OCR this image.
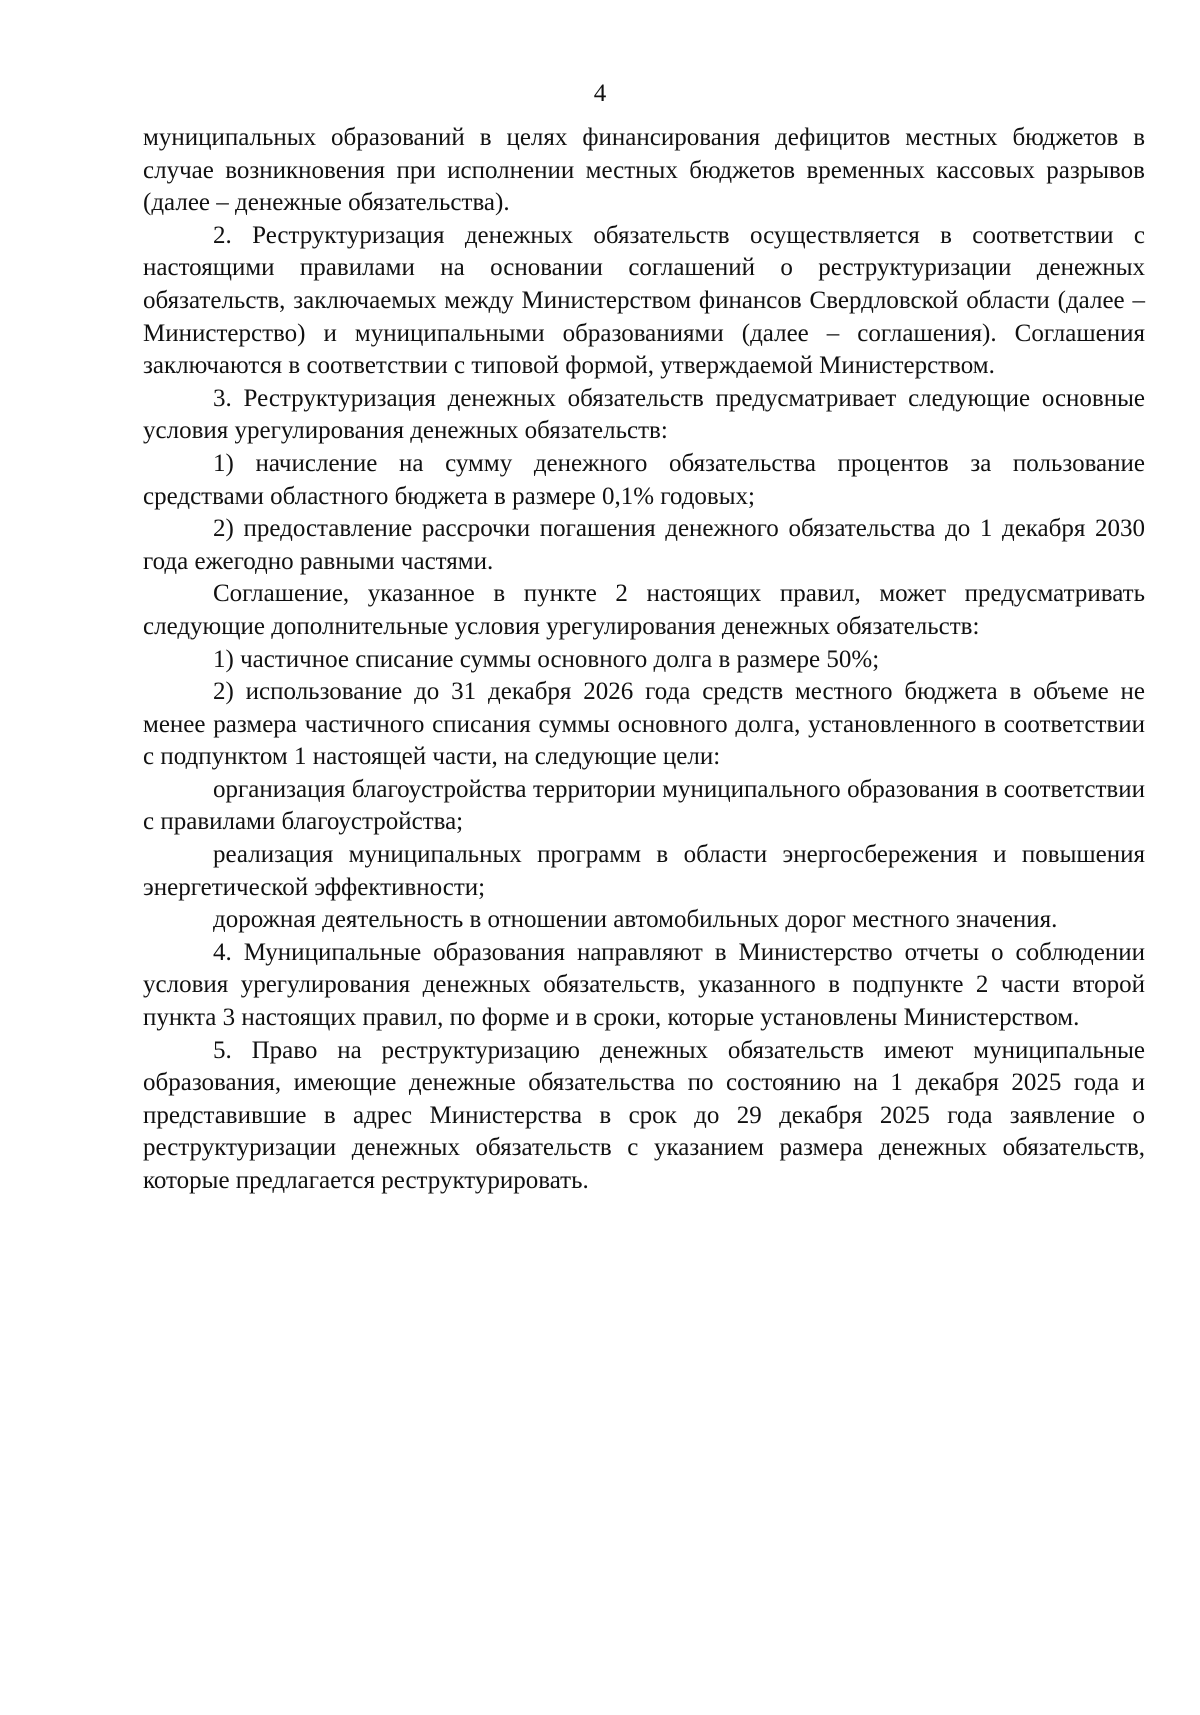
4

муниципальных образований в целях финансирования дефицитов местных бюджетов в случае возникновения при исполнении местных бюджетов временных кассовых разрывов (далее – денежные обязательства).

2. Реструктуризация денежных обязательств осуществляется в соответствии с настоящими правилами на основании соглашений о реструктуризации денежных обязательств, заключаемых между Министерством финансов Свердловской области (далее – Министерство) и муниципальными образованиями (далее – соглашения). Соглашения заключаются в соответствии с типовой формой, утверждаемой Министерством.

3. Реструктуризация денежных обязательств предусматривает следующие основные условия урегулирования денежных обязательств:

1) начисление на сумму денежного обязательства процентов за пользование средствами областного бюджета в размере 0,1% годовых;

2) предоставление рассрочки погашения денежного обязательства до 1 декабря 2030 года ежегодно равными частями.

Соглашение, указанное в пункте 2 настоящих правил, может предусматривать следующие дополнительные условия урегулирования денежных обязательств:

1) частичное списание суммы основного долга в размере 50%;

2) использование до 31 декабря 2026 года средств местного бюджета в объеме не менее размера частичного списания суммы основного долга, установленного в соответствии с подпунктом 1 настоящей части, на следующие цели:

организация благоустройства территории муниципального образования в соответствии с правилами благоустройства;

реализация муниципальных программ в области энергосбережения и повышения энергетической эффективности;

дорожная деятельность в отношении автомобильных дорог местного значения.

4. Муниципальные образования направляют в Министерство отчеты о соблюдении условия урегулирования денежных обязательств, указанного в подпункте 2 части второй пункта 3 настоящих правил, по форме и в сроки, которые установлены Министерством.

5. Право на реструктуризацию денежных обязательств имеют муниципальные образования, имеющие денежные обязательства по состоянию на 1 декабря 2025 года и представившие в адрес Министерства в срок до 29 декабря 2025 года заявление о реструктуризации денежных обязательств с указанием размера денежных обязательств, которые предлагается реструктурировать.
